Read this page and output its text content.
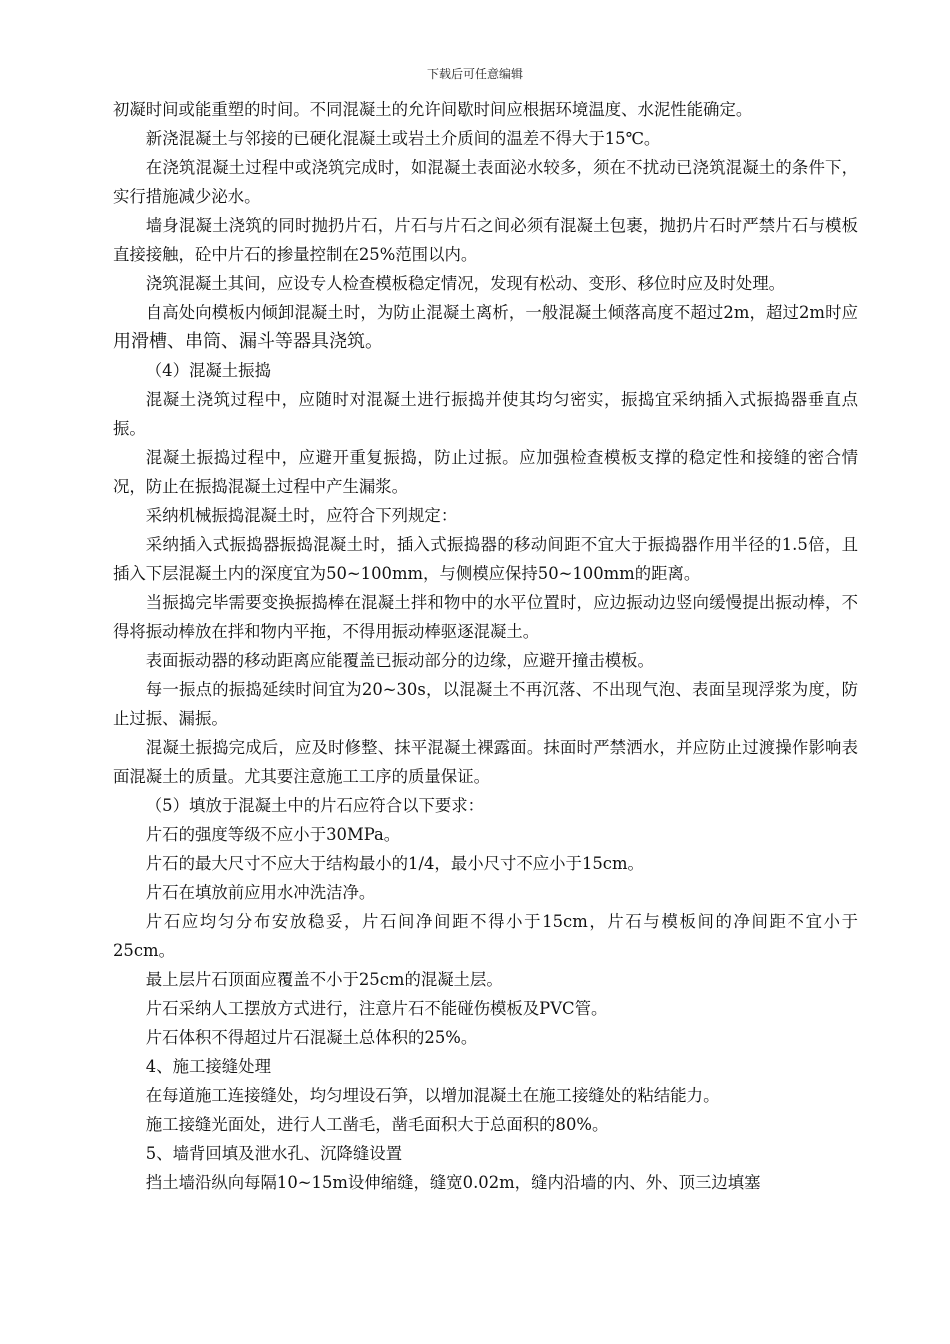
下载后可任意编辑

初凝时间或能重塑的时间。不同混凝土的允许间歇时间应根据环境温度、水泥性能确定。

新浇混凝土与邻接的已硬化混凝土或岩土介质间的温差不得大于15℃。

在浇筑混凝土过程中或浇筑完成时，如混凝土表面泌水较多，须在不扰动已浇筑混凝土的条件下，实行措施减少泌水。

墙身混凝土浇筑的同时抛扔片石，片石与片石之间必须有混凝土包裹，抛扔片石时严禁片石与模板直接接触，砼中片石的掺量控制在25%范围以内。

浇筑混凝土其间，应设专人检查模板稳定情况，发现有松动、变形、移位时应及时处理。

自高处向模板内倾卸混凝土时，为防止混凝土离析，一般混凝土倾落高度不超过2m，超过2m时应用滑槽、串筒、漏斗等器具浇筑。

（4）混凝土振捣

混凝土浇筑过程中，应随时对混凝土进行振捣并使其均匀密实，振捣宜采纳插入式振捣器垂直点振。

混凝土振捣过程中，应避开重复振捣，防止过振。应加强检查模板支撑的稳定性和接缝的密合情况，防止在振捣混凝土过程中产生漏浆。

采纳机械振捣混凝土时，应符合下列规定：

采纳插入式振捣器振捣混凝土时，插入式振捣器的移动间距不宜大于振捣器作用半径的1.5倍，且插入下层混凝土内的深度宜为50~100mm，与侧模应保持50~100mm的距离。

当振捣完毕需要变换振捣棒在混凝土拌和物中的水平位置时，应边振动边竖向缓慢提出振动棒，不得将振动棒放在拌和物内平拖，不得用振动棒驱逐混凝土。

表面振动器的移动距离应能覆盖已振动部分的边缘，应避开撞击模板。

每一振点的振捣延续时间宜为20~30s，以混凝土不再沉落、不出现气泡、表面呈现浮浆为度，防止过振、漏振。

混凝土振捣完成后，应及时修整、抹平混凝土裸露面。抹面时严禁洒水，并应防止过渡操作影响表面混凝土的质量。尤其要注意施工工序的质量保证。

（5）填放于混凝土中的片石应符合以下要求：

片石的强度等级不应小于30MPa。

片石的最大尺寸不应大于结构最小的1/4，最小尺寸不应小于15cm。

片石在填放前应用水冲洗洁净。

片石应均匀分布安放稳妥，片石间净间距不得小于15cm，片石与模板间的净间距不宜小于25cm。

最上层片石顶面应覆盖不小于25cm的混凝土层。

片石采纳人工摆放方式进行，注意片石不能碰伤模板及PVC管。

片石体积不得超过片石混凝土总体积的25%。

4、施工接缝处理

在每道施工连接缝处，均匀埋设石笋，以增加混凝土在施工接缝处的粘结能力。

施工接缝光面处，进行人工凿毛，凿毛面积大于总面积的80%。

5、墙背回填及泄水孔、沉降缝设置

挡土墙沿纵向每隔10~15m设伸缩缝，缝宽0.02m，缝内沿墙的内、外、顶三边填塞
